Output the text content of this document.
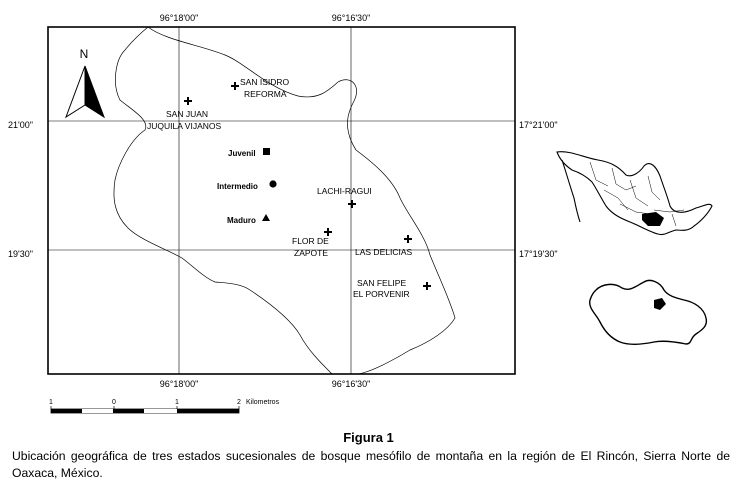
N
96°18'00"	96°16'30"
96°18'00"	96°16'30"
21'00"
19'30"
17°21'00"
17°19'30"
SAN ISIDRO
REFORMA
SAN JUAN
JUQUILA VIJANOS
LACHI-RAGUI
FLOR DE
ZAPOTE	LAS DELICIAS
SAN FELIPE
EL PORVENIR
Juvenil
Intermedio
Maduro
1	0	1	2 Kilometros
Figura 1
Ubicación geográfica de tres estados sucesionales de bosque mesófilo de montaña en la región de El Rincón, Sierra Norte de Oaxaca, México.
